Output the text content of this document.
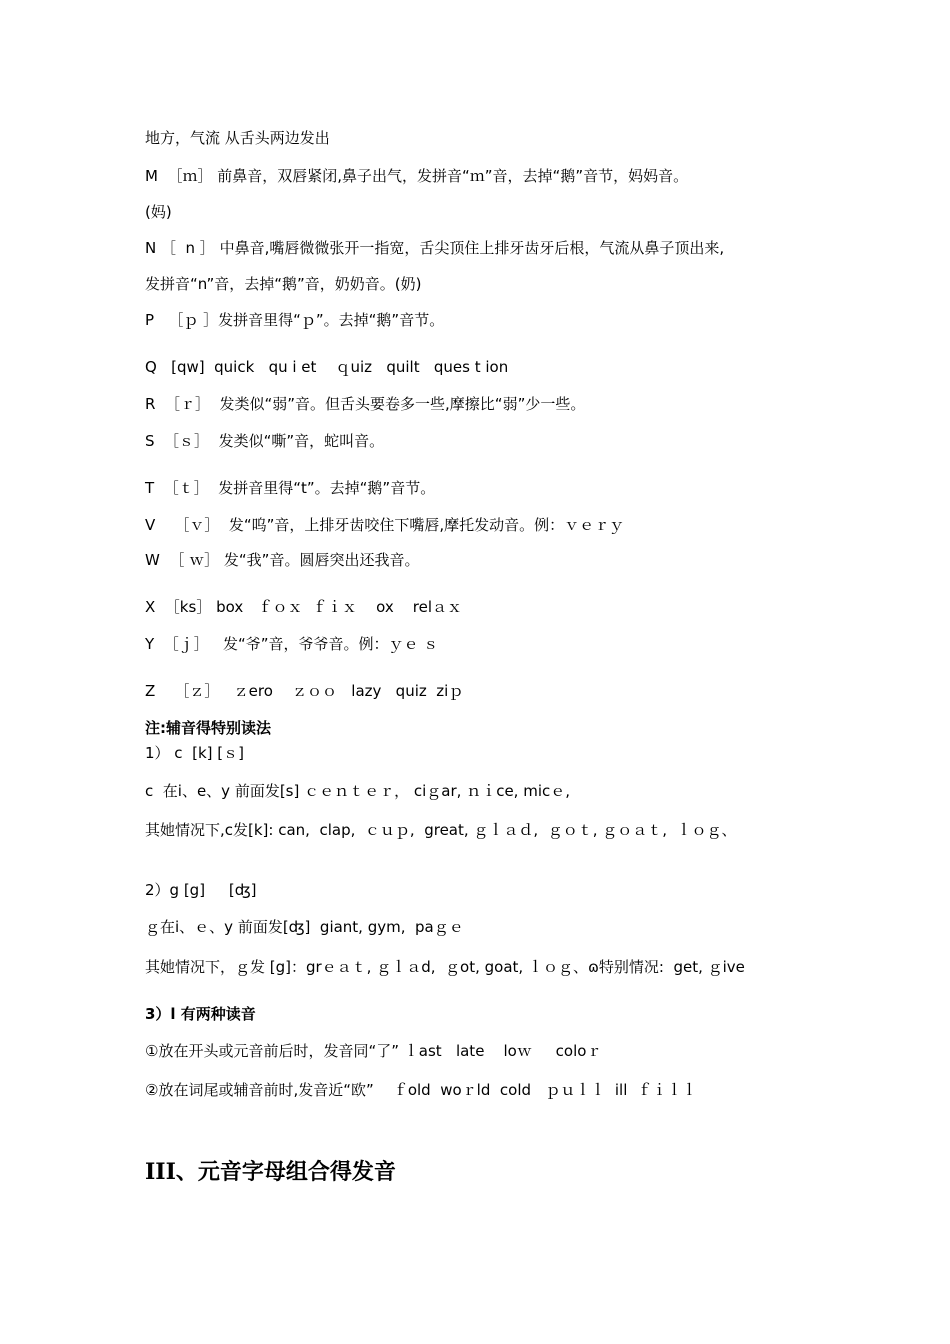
地方，气流 从舌头两边发出
M  ［ｍ］ 前鼻音，双唇紧闭,鼻子出气，发拼音“ｍ”音，去掉“鹅”音节，妈妈音。
(妈)
N ［  n ］ 中鼻音,嘴唇微微张开一指宽，舌尖顶住上排牙齿牙后根，气流从鼻子顶出来,
发拼音“n”音，去掉“鹅”音，奶奶音。(奶)
P   ［ｐ ］发拼音里得“ｐ”。去掉“鹅”音节。
Q   [qw]  quick   qu i et    ｑuiz   quilt   ques t ion
R  ［ｒ］  发类似“弱”音。但舌头要卷多一些,摩擦比“弱”少一些。
S  ［ｓ］  发类似“嘶”音，蛇叫音。
T  ［ｔ］  发拼音里得“t”。去掉“鹅”音节。
V    ［ｖ］  发“呜”音，上排牙齿咬住下嘴唇,摩托发动音。例：ｖｅｒｙ
W  ［ ｗ］ 发“我”音。圆唇突出还我音。
X  ［ks］ box   ｆｏｘ  ｆｉｘ    ox    relａｘ
Y  ［ｊ］   发“爷”音，爷爷音。例：ｙｅ ｓ
Z    ［ｚ］   ｚero    ｚｏｏ   lazy   quiz  ziｐ
注:辅音得特别读法
1） c  [k] [ｓ]
c  在i、e、y 前面发[s] ｃｅｎｔｅｒ， ciｇar, ｎｉce, micｅ,
其她情况下,c发[k]: can,  clap,  ｃｕｐ,  great, ｇｌａｄ,  ｇｏｔ, ｇｏａｔ,  ｌｏｇ、
2）g [g]     [ʤ]
ｇ在i、ｅ、y 前面发[ʤ]  giant, gym,  paｇｅ
其她情况下，ｇ发 [g]：grｅａｔ, ｇｌａd,  ｇot, goat, ｌｏｇ、ɷ特别情况:  get, ｇive
3）l 有两种读音
①放在开头或元音前后时，发音同“了” ｌast   late    loｗ     coloｒ
②放在词尾或辅音前时,发音近“欧”    ｆold  woｒld  cold   ｐｕｌｌ  ill  ｆｉｌｌ
III、元音字母组合得发音
